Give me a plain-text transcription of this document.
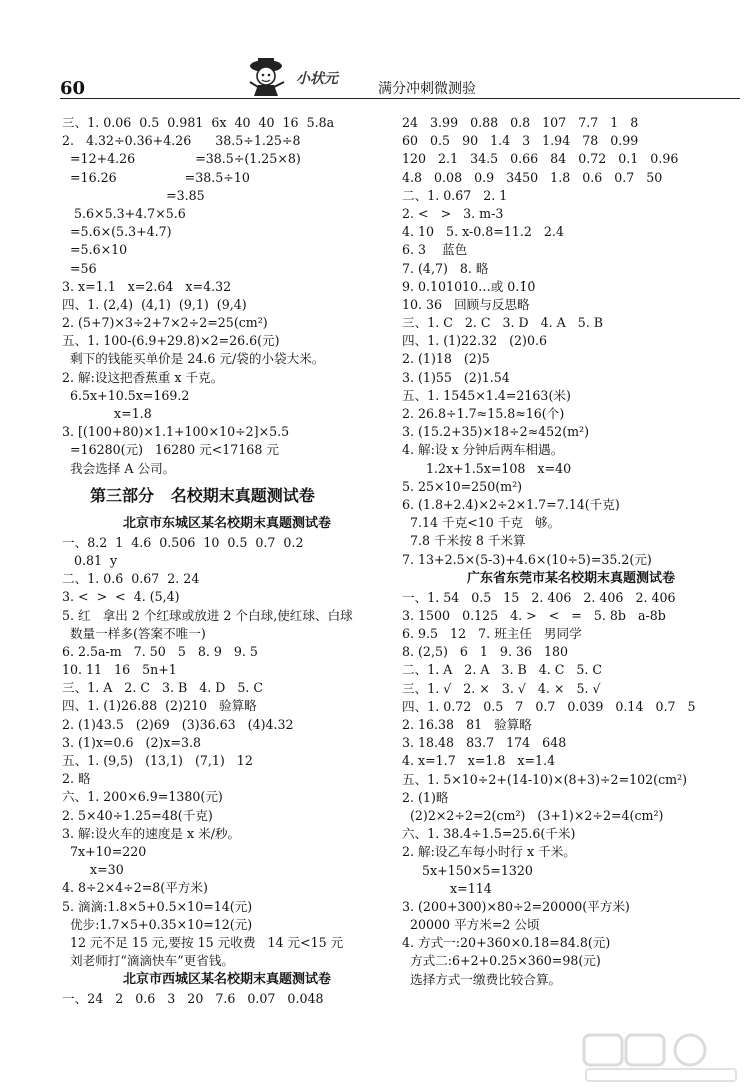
60	小状元
满分冲刺微测验
三、1. 0.06  0.5  0.981  6x  40  40  16  5.8a
2.   4.32÷0.36+4.26      38.5÷1.25÷8
=12+4.26               =38.5÷(1.25×8)
=16.26                 =38.5÷10
=3.85
5.6×5.3+4.7×5.6
=5.6×(5.3+4.7)
=5.6×10
=56
3. x=1.1   x=2.64   x=4.32
四、1. (2,4)  (4,1)  (9,1)  (9,4)
2. (5+7)×3÷2+7×2÷2=25(cm²)
五、1. 100-(6.9+29.8)×2=26.6(元)
剩下的钱能买单价是 24.6 元/袋的小袋大米。
2. 解:设这把香蕉重 x 千克。
6.5x+10.5x=169.2
x=1.8
3. [(100+80)×1.1+100×10÷2]×5.5
=16280(元)   16280 元<17168 元
我会选择 A 公司。
第三部分   名校期末真题测试卷
北京市东城区某名校期末真题测试卷
一、8.2  1  4.6  0.506  10  0.5  0.7  0.2
0.81  y
二、1. 0.6̇  0.67  2. 24
3. <  >  <  4. (5,4)
5. 红   拿出 2 个红球或放进 2 个白球,使红球、白球
数量一样多(答案不唯一)
6. 2.5a-m   7. 50   5   8. 9   9. 5
10. 11   16   5n+1
三、1. A   2. C   3. B   4. D   5. C
四、1. (1)26.88  (2)210   验算略
2. (1)43.5   (2)69   (3)36.63   (4)4.32
3. (1)x=0.6   (2)x=3.8
五、1. (9,5)   (13,1)   (7,1)   12
2. 略
六、1. 200×6.9=1380(元)
2. 5×40÷1.25=48(千克)
3. 解:设火车的速度是 x 米/秒。
7x+10=220
x=30
4. 8÷2×4÷2=8(平方米)
5. 滴滴:1.8×5+0.5×10=14(元)
优步:1.7×5+0.35×10=12(元)
12 元不足 15 元,要按 15 元收费   14 元<15 元
刘老师打“滴滴快车”更省钱。
北京市西城区某名校期末真题测试卷
一、24   2   0.6   3   20   7.6   0.07   0.048
24   3.99   0.88   0.8   107   7.7   1   8
60   0.5   90   1.4   3   1.94   78   0.99
120   2.1   34.5   0.66   84   0.72   0.1   0.96
4.8   0.08   0.9   3450   1.8   0.6   0.7   50
二、1. 0.6̇7̇   2. 1
2. <   >   3. m-3
4. 10   5. x-0.8=11.2   2.4
6. 3    蓝色
7. (4,7)   8. 略
9. 0.101010…或 0.1̇0̇
10. 36   回顾与反思略
三、1. C   2. C   3. D   4. A   5. B
四、1. (1)22.32   (2)0.6
2. (1)18   (2)5
3. (1)55   (2)1.54
五、1. 1545×1.4=2163(米)
2. 26.8÷1.7≈15.8≈16(个)
3. (15.2+35)×18÷2≈452(m²)
4. 解:设 x 分钟后两车相遇。
1.2x+1.5x=108   x=40
5. 25×10=250(m²)
6. (1.8+2.4)×2÷2×1.7=7.14(千克)
7.14 千克<10 千克   够。
7.8 千米按 8 千米算
7. 13+2.5×(5-3)+4.6×(10÷5)=35.2(元)
广东省东莞市某名校期末真题测试卷
一、1. 54   0.5   15   2. 406   2. 406̇   2. 406
3. 1500   0.125   4. >   <   =   5. 8b   a-8b
6. 9.5   12   7. 班主任   男同学
8. (2,5)   6   1   9. 36   180
二、1. A   2. A   3. B   4. C   5. C
三、1. √   2. ×   3. √   4. ×   5. √
四、1. 0.72   0.5   7   0.7   0.039   0.14   0.7   5
2. 16.38   81   验算略
3. 18.48   83.7   174   648
4. x=1.7   x=1.8   x=1.4
五、1. 5×10÷2+(14-10)×(8+3)÷2=102(cm²)
2. (1)略
(2)2×2÷2=2(cm²)   (3+1)×2÷2=4(cm²)
六、1. 38.4÷1.5=25.6(千米)
2. 解:设乙车每小时行 x 千米。
5x+150×5=1320
x=114
3. (200+300)×80÷2=20000(平方米)
20000 平方米=2 公顷
4. 方式一:20+360×0.18=84.8(元)
方式二:6+2+0.25×360=98(元)
选择方式一缴费比较合算。
